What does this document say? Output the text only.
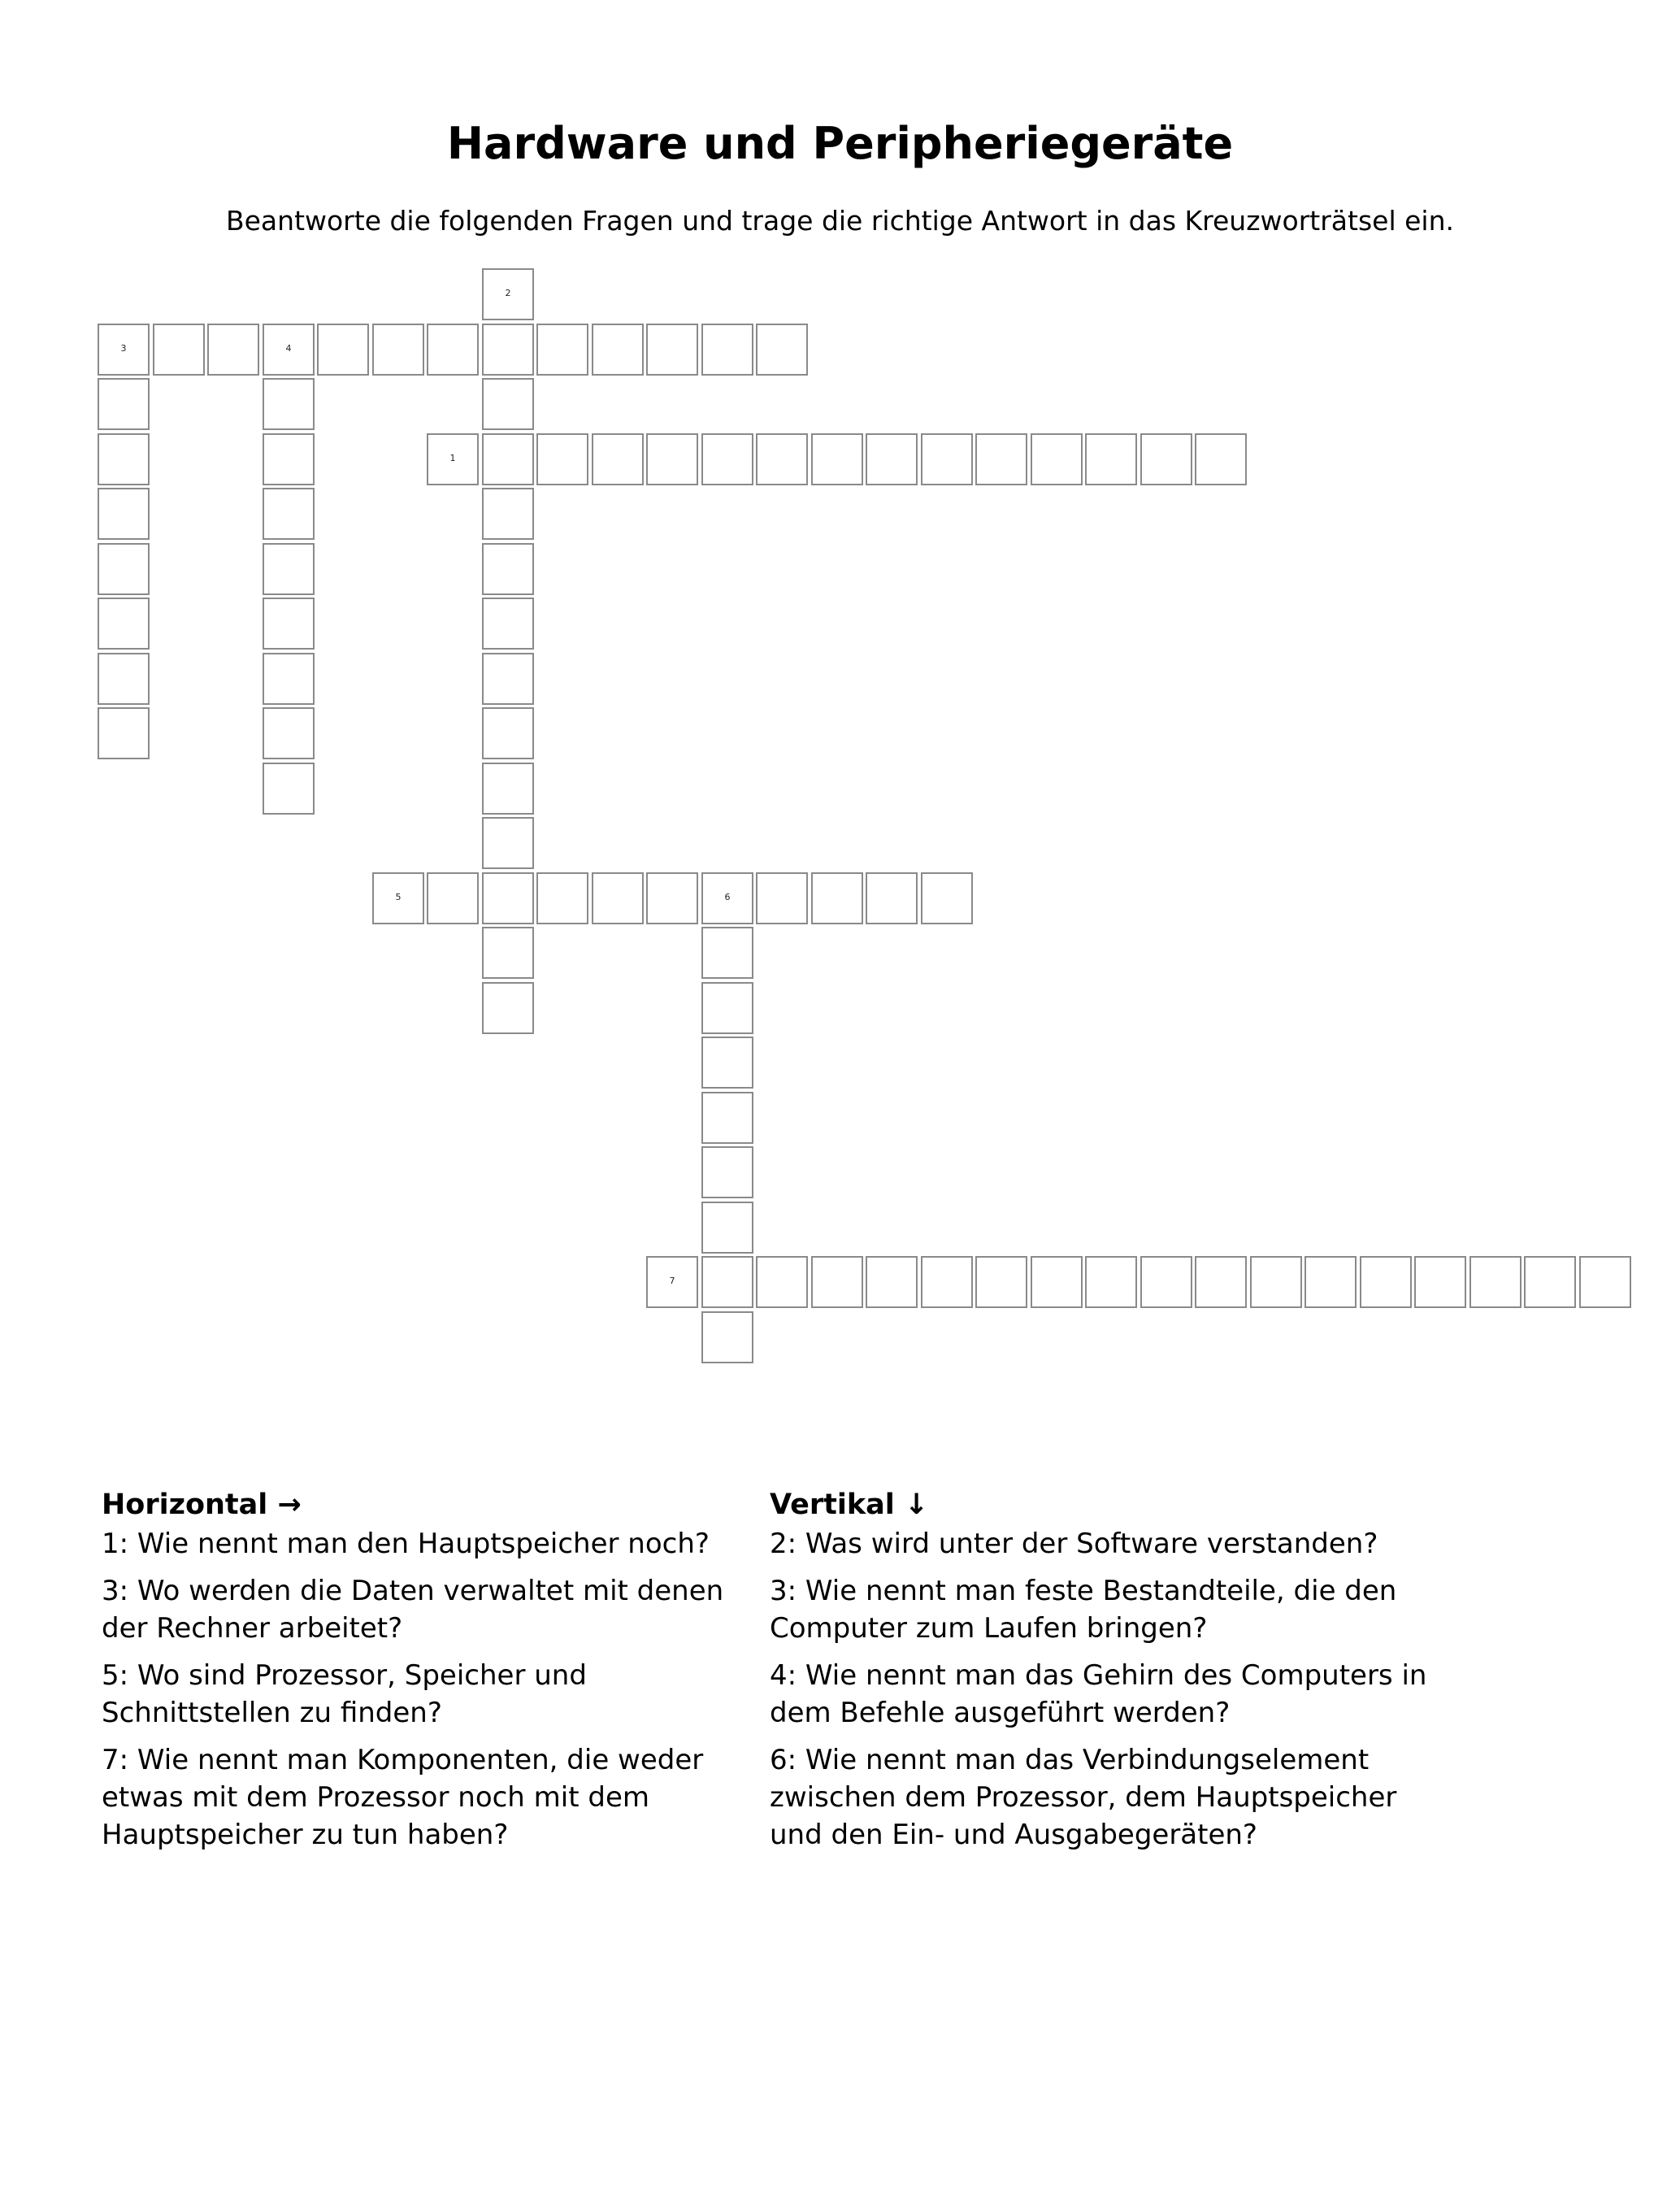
Hardware und Peripheriegeräte

Beantworte die folgenden Fragen und trage die richtige Antwort in das Kreuzworträtsel ein.

1
2
3	4
5	6
7
Horizontal →
1: Wie nennt man den Hauptspeicher noch?
3: Wo werden die Daten verwaltet mit denen der Rechner arbeitet?
5: Wo sind Prozessor, Speicher und Schnittstellen zu finden?
7: Wie nennt man Komponenten, die weder etwas mit dem Prozessor noch mit dem Hauptspeicher zu tun haben?
Vertikal ↓
2: Was wird unter der Software verstanden?
3: Wie nennt man feste Bestandteile, die den Computer zum Laufen bringen?
4: Wie nennt man das Gehirn des Computers in dem Befehle ausgeführt werden?
6: Wie nennt man das Verbindungselement zwischen dem Prozessor, dem Hauptspeicher und den Ein- und Ausgabegeräten?
